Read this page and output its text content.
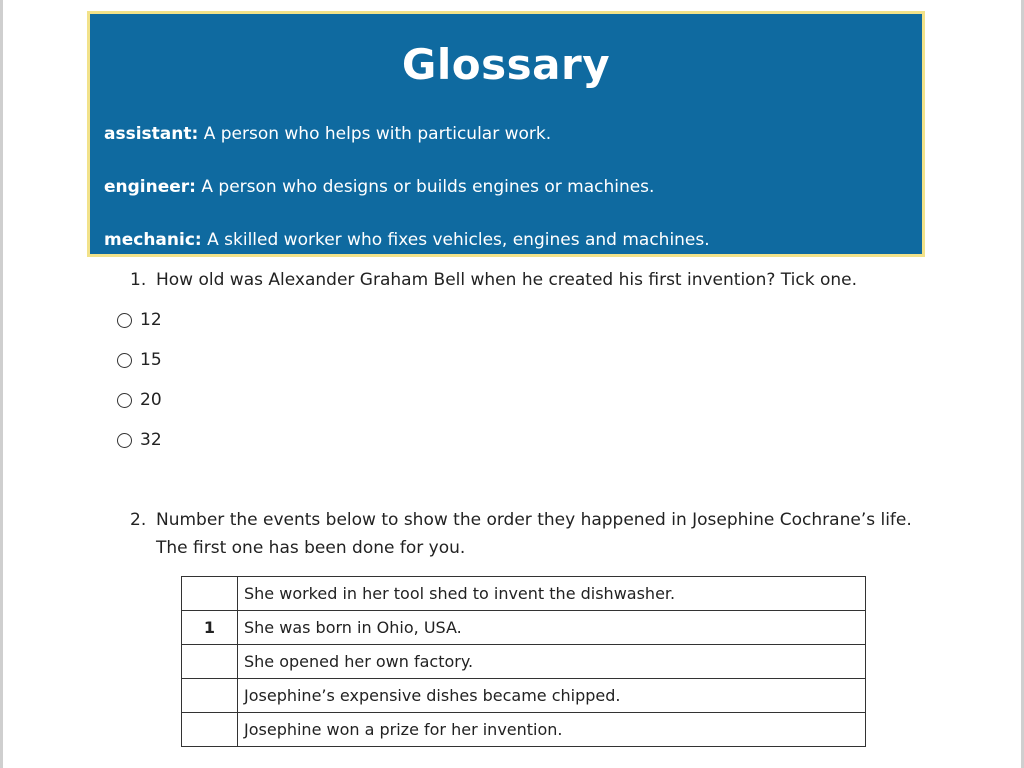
Glossary
assistant: A person who helps with particular work.
engineer: A person who designs or builds engines or machines.
mechanic: A skilled worker who fixes vehicles, engines and machines.
1. How old was Alexander Graham Bell when he created his first invention? Tick one.
12
15
20
32
2. Number the events below to show the order they happened in Josephine Cochrane’s life.
The first one has been done for you.
	She worked in her tool shed to invent the dishwasher.
1	She was born in Ohio, USA.
	She opened her own factory.
	Josephine’s expensive dishes became chipped.
	Josephine won a prize for her invention.
